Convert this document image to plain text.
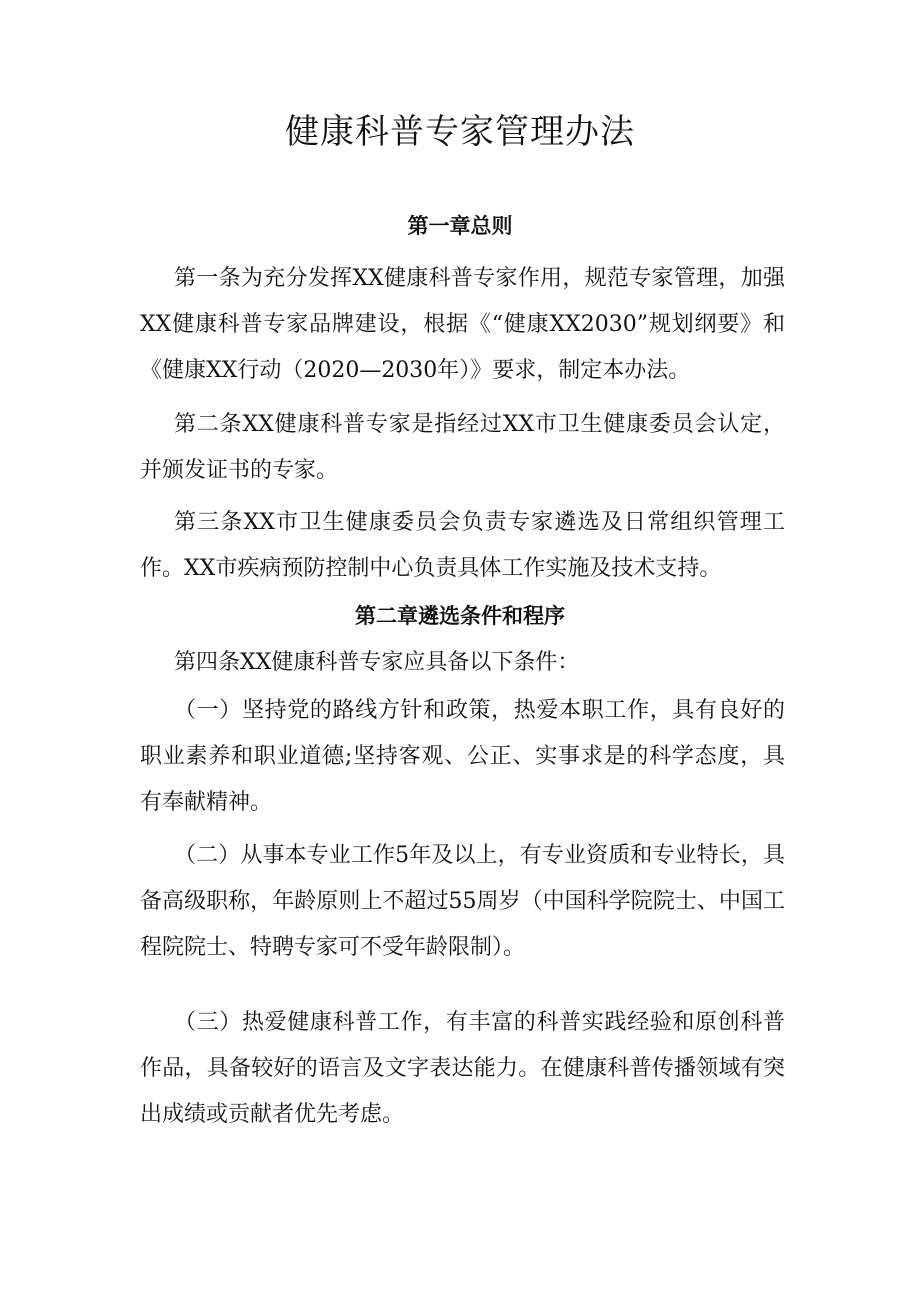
健康科普专家管理办法
第一章总则

第一条为充分发挥XX健康科普专家作用，规范专家管理，加强XX健康科普专家品牌建设，根据《“健康XX2030”规划纲要》和《健康XX行动（2020—2030年）》要求，制定本办法。

第二条XX健康科普专家是指经过XX市卫生健康委员会认定，并颁发证书的专家。

第三条XX市卫生健康委员会负责专家遴选及日常组织管理工作。XX市疾病预防控制中心负责具体工作实施及技术支持。

第二章遴选条件和程序

第四条XX健康科普专家应具备以下条件：

（一）坚持党的路线方针和政策，热爱本职工作，具有良好的职业素养和职业道德;坚持客观、公正、实事求是的科学态度，具有奉献精神。

（二）从事本专业工作5年及以上，有专业资质和专业特长，具备高级职称，年龄原则上不超过55周岁（中国科学院院士、中国工程院院士、特聘专家可不受年龄限制）。

（三）热爱健康科普工作，有丰富的科普实践经验和原创科普作品，具备较好的语言及文字表达能力。在健康科普传播领域有突出成绩或贡献者优先考虑。
